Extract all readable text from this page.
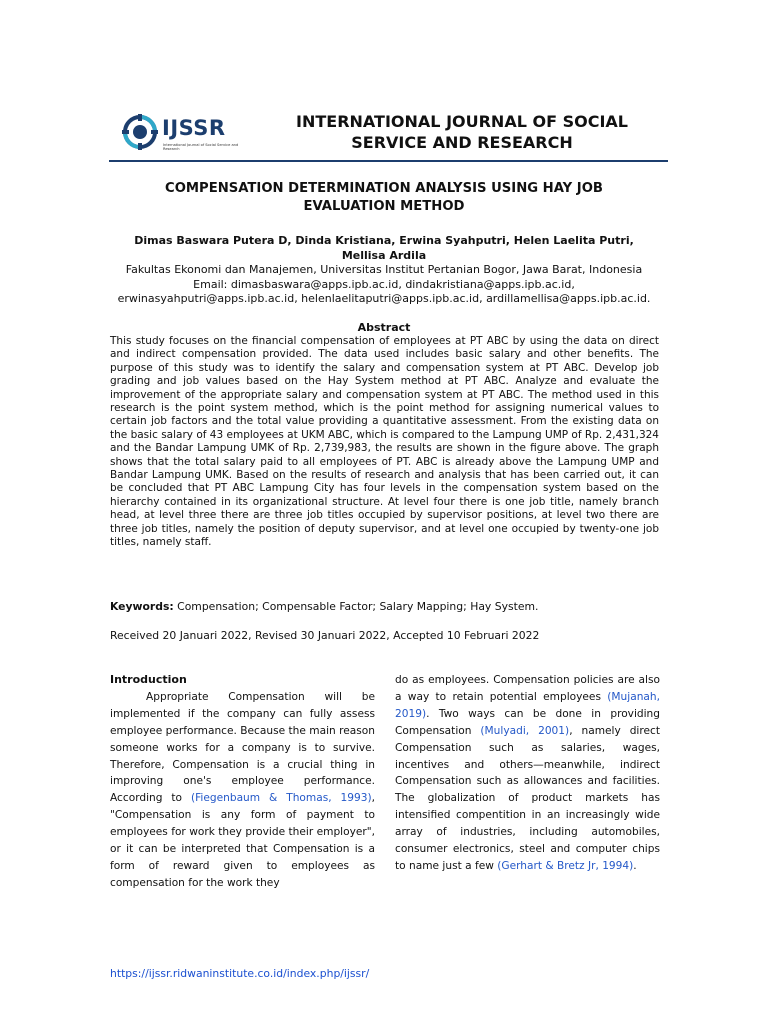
IJSSR
International Journal of Social Service and Research
INTERNATIONAL JOURNAL OF SOCIAL
SERVICE AND RESEARCH
COMPENSATION DETERMINATION ANALYSIS USING HAY JOB
EVALUATION METHOD
Dimas Baswara Putera D, Dinda Kristiana, Erwina Syahputri, Helen Laelita Putri,
Mellisa Ardila
Fakultas Ekonomi dan Manajemen, Universitas Institut Pertanian Bogor, Jawa Barat, Indonesia
Email: dimasbaswara@apps.ipb.ac.id, dindakristiana@apps.ipb.ac.id,
erwinasyahputri@apps.ipb.ac.id, helenlaelitaputri@apps.ipb.ac.id, ardillamellisa@apps.ipb.ac.id.
Abstract

This study focuses on the financial compensation of employees at PT ABC by using the data on direct and indirect compensation provided. The data used includes basic salary and other benefits. The purpose of this study was to identify the salary and compensation system at PT ABC. Develop job grading and job values based on the Hay System method at PT ABC. Analyze and evaluate the improvement of the appropriate salary and compensation system at PT ABC. The method used in this research is the point system method, which is the point method for assigning numerical values to certain job factors and the total value providing a quantitative assessment. From the existing data on the basic salary of 43 employees at UKM ABC, which is compared to the Lampung UMP of Rp. 2,431,324 and the Bandar Lampung UMK of Rp. 2,739,983, the results are shown in the figure above. The graph shows that the total salary paid to all employees of PT. ABC is already above the Lampung UMP and Bandar Lampung UMK. Based on the results of research and analysis that has been carried out, it can be concluded that PT ABC Lampung City has four levels in the compensation system based on the hierarchy contained in its organizational structure. At level four there is one job title, namely branch head, at level three there are three job titles occupied by supervisor positions, at level two there are three job titles, namely the position of deputy supervisor, and at level one occupied by twenty-one job titles, namely staff.

Keywords: Compensation; Compensable Factor; Salary Mapping; Hay System.
Received 20 Januari 2022, Revised 30 Januari 2022, Accepted 10 Februari 2022
Introduction

Appropriate Compensation will be implemented if the company can fully assess employee performance. Because the main reason someone works for a company is to survive. Therefore, Compensation is a crucial thing in improving one's employee performance. According to (Fiegenbaum & Thomas, 1993), "Compensation is any form of payment to employees for work they provide their employer", or it can be interpreted that Compensation is a form of reward given to employees as compensation for the work they

do as employees. Compensation policies are also a way to retain potential employees (Mujanah, 2019). Two ways can be done in providing Compensation (Mulyadi, 2001), namely direct Compensation such as salaries, wages, incentives and others—meanwhile, indirect Compensation such as allowances and facilities. The globalization of product markets has intensified compentition in an increasingly wide array of industries, including automobiles, consumer electronics, steel and computer chips to name just a few (Gerhart & Bretz Jr, 1994).

https://ijssr.ridwaninstitute.co.id/index.php/ijssr/
